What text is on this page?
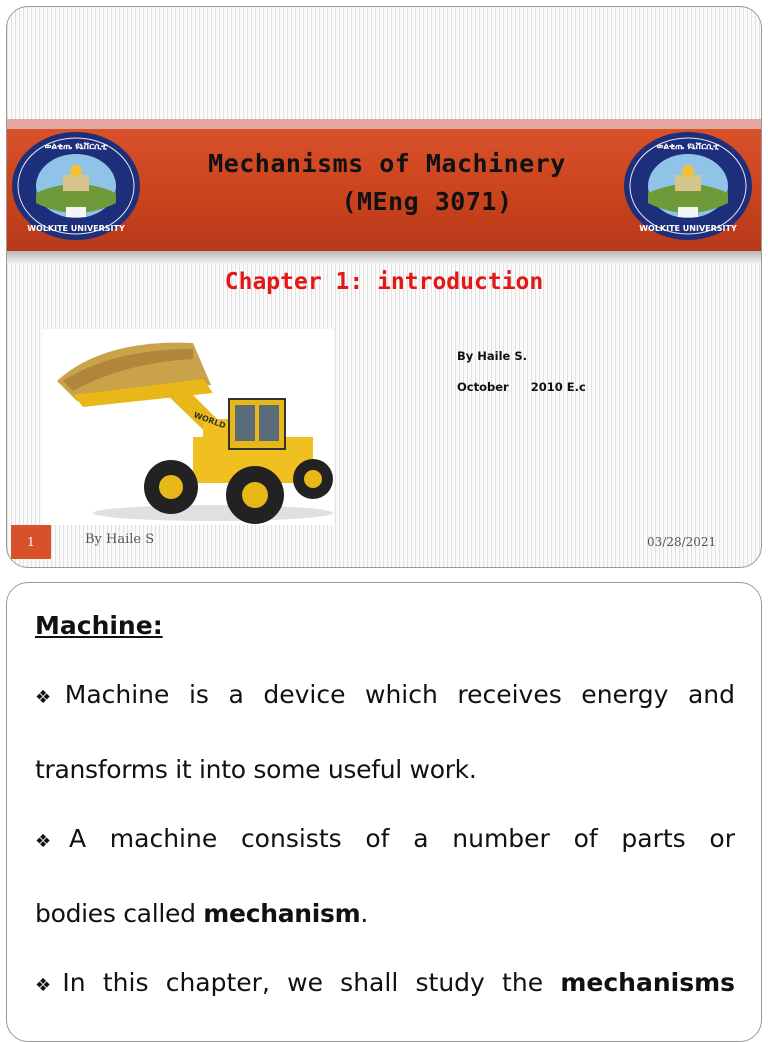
ወልቂጤ ዩኒቨርሲቲ
WOLKITE UNIVERSITY
ወልቂጤ ዩኒቨርሲቲ
WOLKITE UNIVERSITY
Mechanisms of Machinery
(MEng 3071)
Chapter 1: introduction
WORLD
By Haile S.
October 2010 E.c
1	By Haile S	03/28/2021
Machine:
❖Machine is a device which receives energy and
transforms it into some useful work.
❖A machine consists of a number of parts or
bodies called mechanism.
❖In this chapter, we shall study the mechanisms
